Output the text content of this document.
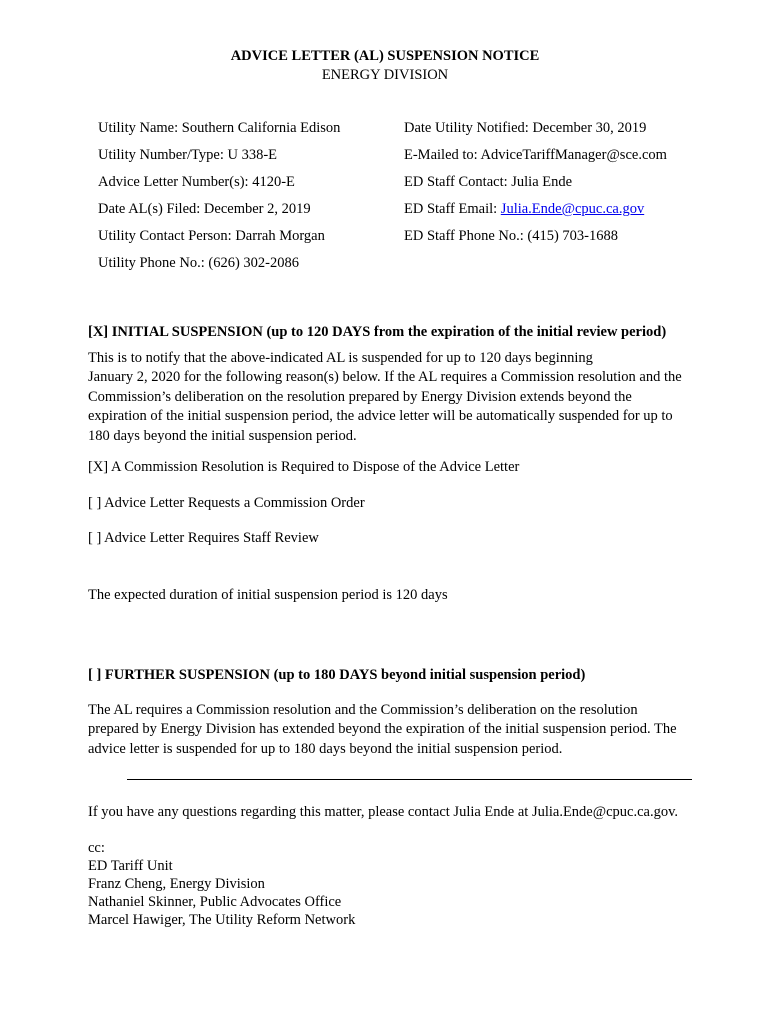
ADVICE LETTER (AL) SUSPENSION NOTICE
ENERGY DIVISION
Utility Name: Southern California Edison
Utility Number/Type: U 338-E
Advice Letter Number(s): 4120-E
Date AL(s) Filed: December 2, 2019
Utility Contact Person: Darrah Morgan
Utility Phone No.: (626) 302-2086
Date Utility Notified: December 30, 2019
E-Mailed to: AdviceTariffManager@sce.com
ED Staff Contact: Julia Ende
ED Staff Email: Julia.Ende@cpuc.ca.gov
ED Staff Phone No.: (415) 703-1688
[X] INITIAL SUSPENSION (up to 120 DAYS from the expiration of the initial review period)
This is to notify that the above-indicated AL is suspended for up to 120 days beginning
January 2, 2020 for the following reason(s) below. If the AL requires a Commission resolution and the
Commission’s deliberation on the resolution prepared by Energy Division extends beyond the
expiration of the initial suspension period, the advice letter will be automatically suspended for up to
180 days beyond the initial suspension period.
[X] A Commission Resolution is Required to Dispose of the Advice Letter
[ ] Advice Letter Requests a Commission Order
[ ] Advice Letter Requires Staff Review
The expected duration of initial suspension period is 120 days
[ ] FURTHER SUSPENSION (up to 180 DAYS beyond initial suspension period)
The AL requires a Commission resolution and the Commission’s deliberation on the resolution
prepared by Energy Division has extended beyond the expiration of the initial suspension period. The
advice letter is suspended for up to 180 days beyond the initial suspension period.
If you have any questions regarding this matter, please contact Julia Ende at Julia.Ende@cpuc.ca.gov.
cc:
ED Tariff Unit
Franz Cheng, Energy Division
Nathaniel Skinner, Public Advocates Office
Marcel Hawiger, The Utility Reform Network
